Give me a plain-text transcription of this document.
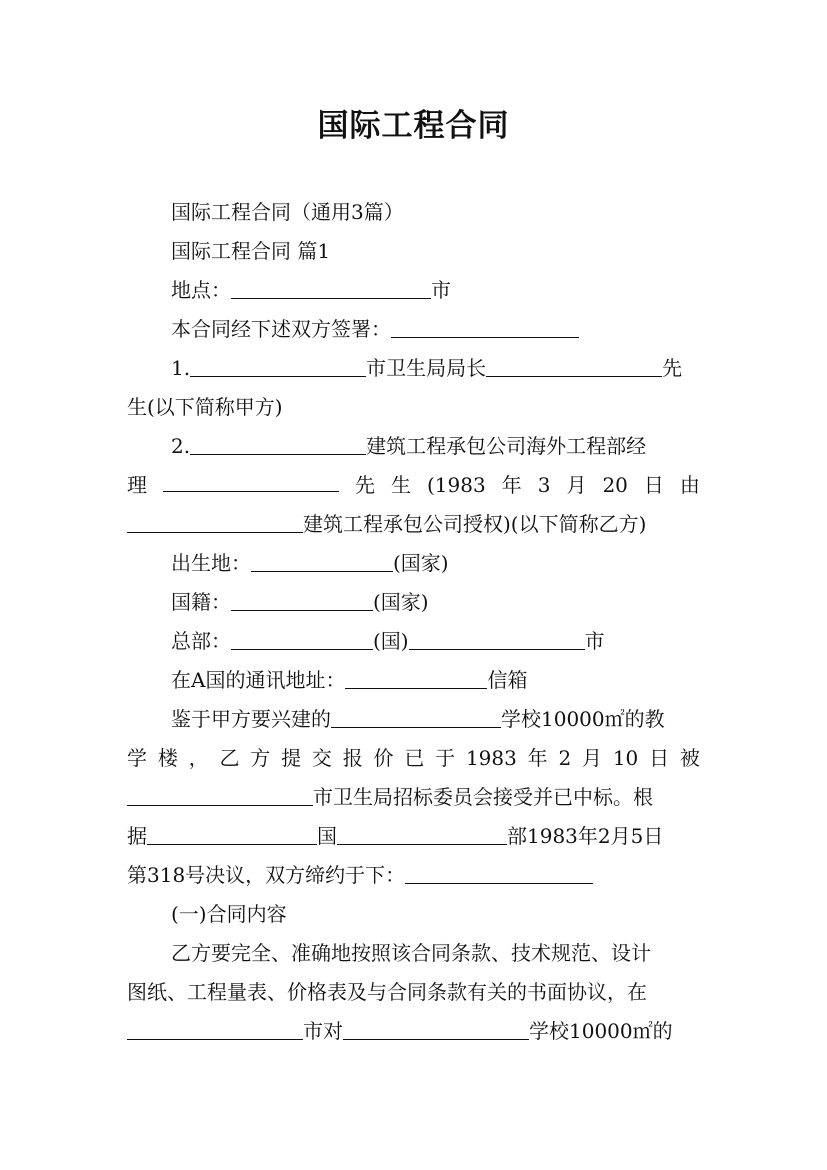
国际工程合同
国际工程合同（通用3篇）
国际工程合同 篇1
地点：	市
本合同经下述双方签署：
1.	市卫生局局长	先
生(以下简称甲方)
2.	建筑工程承包公司海外工程部经
理	先 生 (1983 年 3 月 20 日 由
建筑工程承包公司授权)(以下简称乙方)
出生地：	(国家)
国籍：	(国家)
总部：	(国)	市
在A国的通讯地址：	信箱
鉴于甲方要兴建的	学校10000㎡的教
学 楼 ， 乙 方 提 交 报 价 已 于 1983 年 2 月 10 日 被
市卫生局招标委员会接受并已中标。根
据	国	部1983年2月5日
第318号决议，双方缔约于下：
(一)合同内容
乙方要完全、准确地按照该合同条款、技术规范、设计
图纸、工程量表、价格表及与合同条款有关的书面协议，在
市对	学校10000㎡的
